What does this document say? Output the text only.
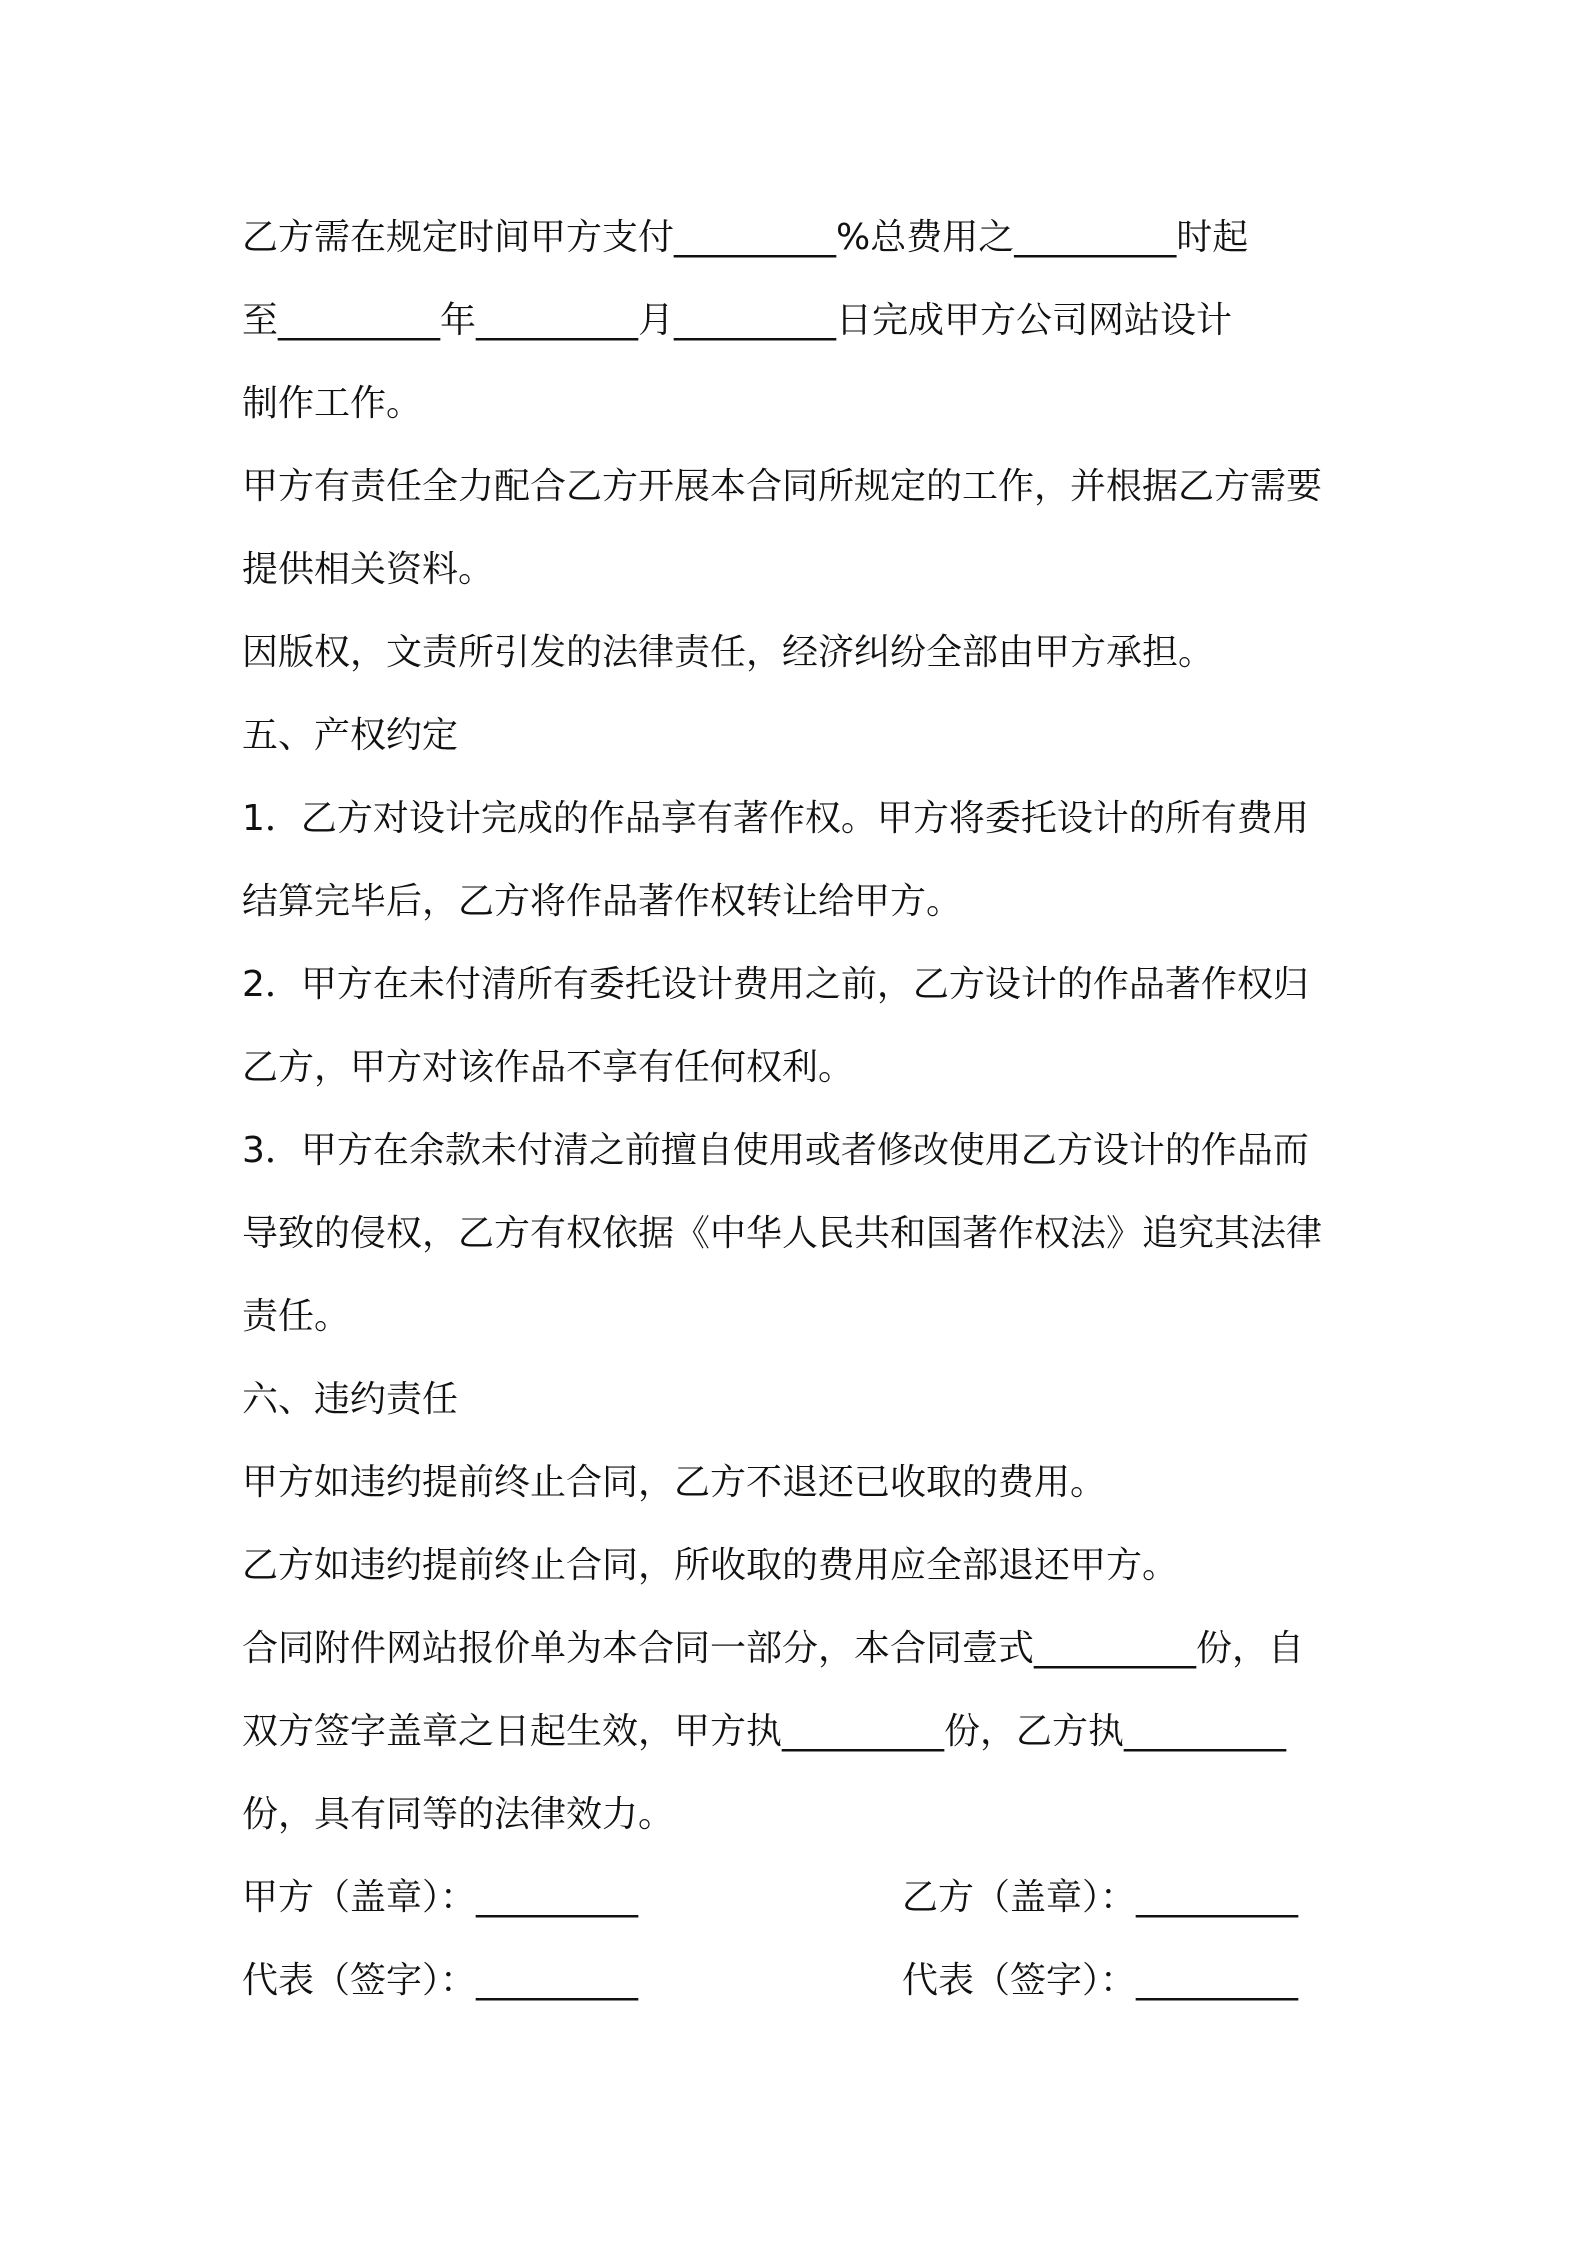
乙方需在规定时间甲方支付_________%总费用之_________时起
至_________年_________月_________日完成甲方公司网站设计
制作工作。
甲方有责任全力配合乙方开展本合同所规定的工作，并根据乙方需要
提供相关资料。
因版权，文责所引发的法律责任，经济纠纷全部由甲方承担。
五、产权约定
1．乙方对设计完成的作品享有著作权。甲方将委托设计的所有费用
结算完毕后，乙方将作品著作权转让给甲方。
2．甲方在未付清所有委托设计费用之前，乙方设计的作品著作权归
乙方，甲方对该作品不享有任何权利。
3．甲方在余款未付清之前擅自使用或者修改使用乙方设计的作品而
导致的侵权，乙方有权依据《中华人民共和国著作权法》追究其法律
责任。
六、违约责任
甲方如违约提前终止合同，乙方不退还已收取的费用。
乙方如违约提前终止合同，所收取的费用应全部退还甲方。
合同附件网站报价单为本合同一部分，本合同壹式_________份，自
双方签字盖章之日起生效，甲方执_________份，乙方执_________
份，具有同等的法律效力。
甲方（盖章）：_________	乙方（盖章）：_________
代表（签字）：_________	代表（签字）：_________
